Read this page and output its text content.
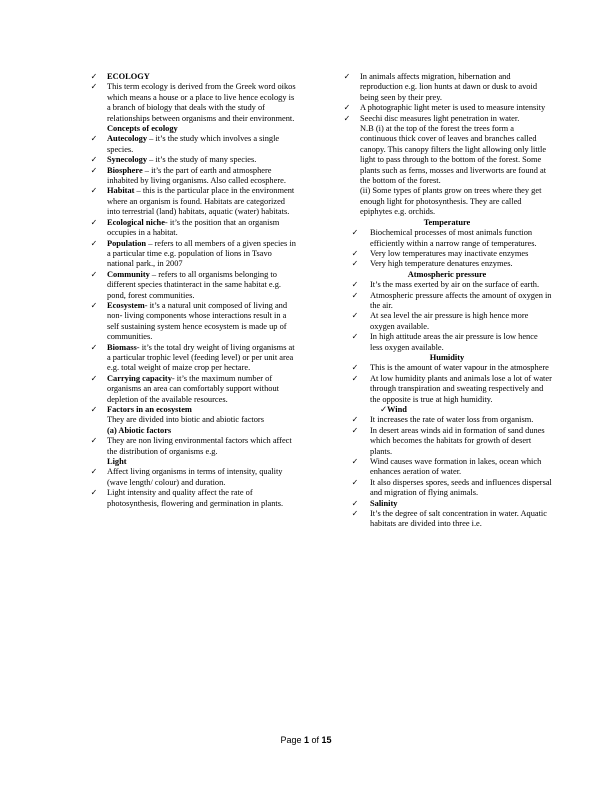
✓ ECOLOGY
✓ This term ecology is derived from the Greek word oikos which means a house or a place to live hence ecology is a branch of biology that deals with the study of relationships between organisms and their environment.
Concepts of ecology
✓ Autecology – it’s the study which involves a single species.
✓ Synecology – it’s the study of many species.
✓ Biosphere – it’s the part of earth and atmosphere inhabited by living organisms. Also called ecosphere.
✓ Habitat – this is the particular place in the environment where an organism is found. Habitats are categorized into terrestrial (land) habitats, aquatic (water) habitats.
✓ Ecological niche- it’s the position that an organism occupies in a habitat.
✓ Population – refers to all members of a given species in a particular time e.g. population of lions in Tsavo national park., in 2007
✓ Community – refers to all organisms belonging to different species thatinteract in the same habitat e.g. pond, forest communities.
✓ Ecosystem- it’s a natural unit composed of living and non- living components whose interactions result in a self sustaining system hence ecosystem is made up of communities.
✓ Biomass- it’s the total dry weight of living organisms at a particular trophic level (feeding level) or per unit area e.g. total weight of maize crop per hectare.
✓ Carrying capacity- it’s the maximum number of organisms an area can comfortably support without depletion of the available resources.
✓ Factors in an ecosystem
They are divided into biotic and abiotic factors
(a) Abiotic factors
✓ They are non living environmental factors which affect the distribution of organisms e.g.
Light
✓ Affect living organisms in terms of intensity, quality (wave length/ colour) and duration.
✓ Light intensity and quality affect the rate of photosynthesis, flowering and germination in plants.
✓ In animals affects migration, hibernation and reproduction e.g. lion hunts at dawn or dusk to avoid being seen by their prey.
✓ A photographic light meter is used to measure intensity
✓ Seechi disc measures light penetration in water.
N.B (i) at the top of the forest the trees form a continuous thick cover of leaves and branches called canopy. This canopy filters the light allowing only little light to pass through to the bottom of the forest. Some plants such as ferns, mosses and liverworts are found at the bottom of the forest.
(ii) Some types of plants grow on trees where they get enough light for photosynthesis. They are called epiphytes e.g. orchids.
Temperature
✓ Biochemical processes of most animals function efficiently within a narrow range of temperatures.
✓ Very low temperatures may inactivate enzymes
✓ Very high temperature denatures enzymes.
Atmospheric pressure
✓ It’s the mass exerted by air on the surface of earth.
✓ Atmospheric pressure affects the amount of oxygen in the air.
✓ At sea level the air pressure is high hence more oxygen available.
✓ In high attitude areas the air pressure is low hence less oxygen available.
Humidity
✓ This is the amount of water vapour in the atmosphere
✓ At low humidity plants and animals lose a lot of water through transpiration and sweating respectively and the opposite is true at high humidity.
✓Wind
✓ It increases the rate of water loss from organism.
✓ In desert areas winds aid in formation of sand dunes which becomes the habitats for growth of desert plants.
✓ Wind causes wave formation in lakes, ocean which enhances aeration of water.
✓ It also disperses spores, seeds and influences dispersal and migration of flying animals.
✓ Salinity
✓ It’s the degree of salt concentration in water. Aquatic habitats are divided into three i.e.
Page 1 of 15
